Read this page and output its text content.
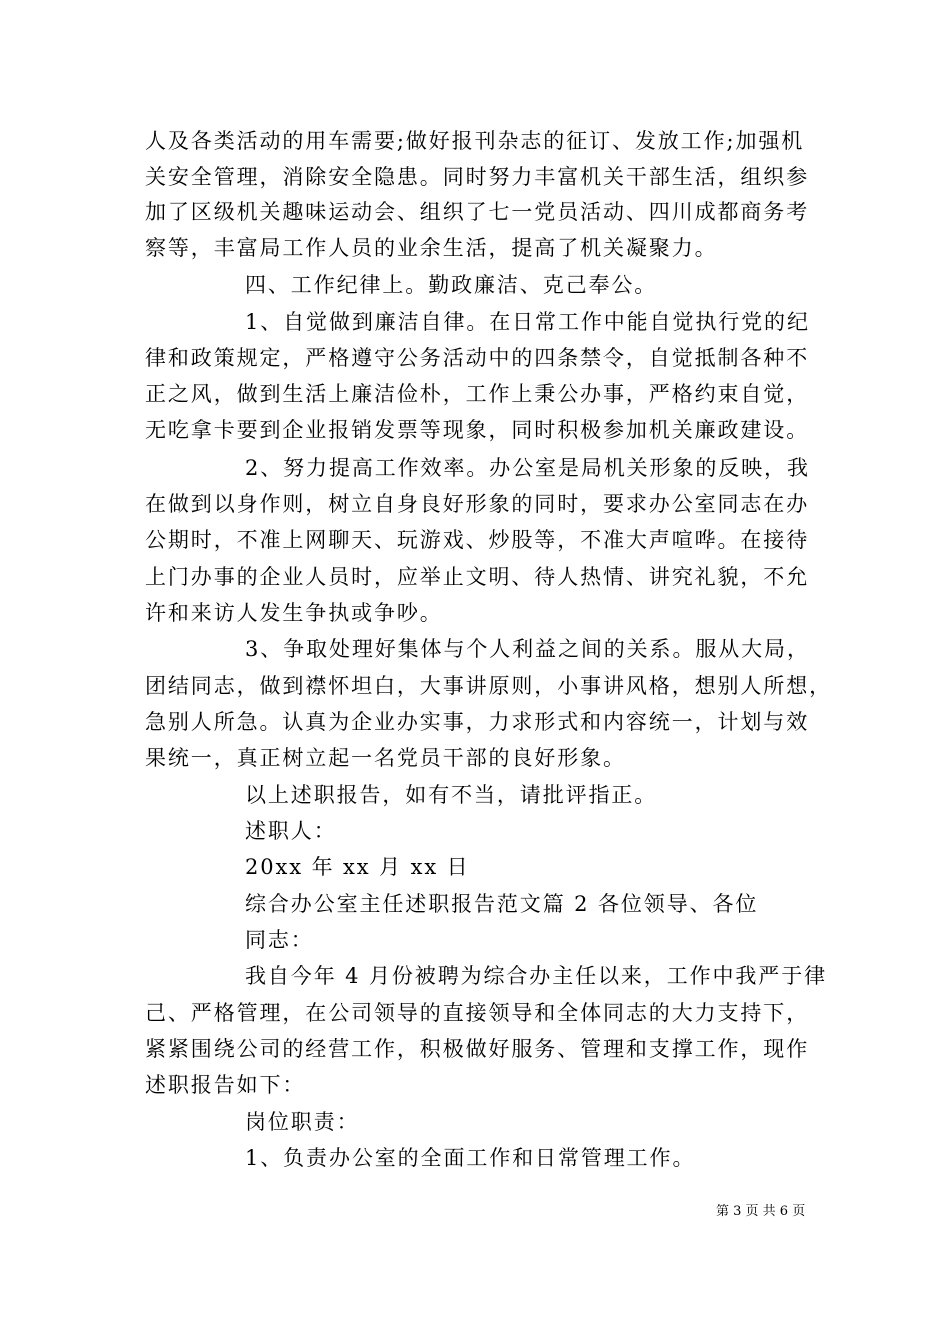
人及各类活动的用车需要;做好报刊杂志的征订、发放工作;加强机
关安全管理，消除安全隐患。同时努力丰富机关干部生活，组织参
加了区级机关趣味运动会、组织了七一党员活动、四川成都商务考
察等，丰富局工作人员的业余生活，提高了机关凝聚力。
四、工作纪律上。勤政廉洁、克己奉公。
1、自觉做到廉洁自律。在日常工作中能自觉执行党的纪
律和政策规定，严格遵守公务活动中的四条禁令，自觉抵制各种不
正之风，做到生活上廉洁俭朴，工作上秉公办事，严格约束自觉，
无吃拿卡要到企业报销发票等现象，同时积极参加机关廉政建设。
2、努力提高工作效率。办公室是局机关形象的反映，我
在做到以身作则，树立自身良好形象的同时，要求办公室同志在办
公期时，不准上网聊天、玩游戏、炒股等，不准大声喧哗。在接待
上门办事的企业人员时，应举止文明、待人热情、讲究礼貌，不允
许和来访人发生争执或争吵。
3、争取处理好集体与个人利益之间的关系。服从大局，
团结同志，做到襟怀坦白，大事讲原则，小事讲风格，想别人所想，
急别人所急。认真为企业办实事，力求形式和内容统一，计划与效
果统一，真正树立起一名党员干部的良好形象。
以上述职报告，如有不当，请批评指正。
述职人：
20xx 年 xx 月 xx 日
综合办公室主任述职报告范文篇 2 各位领导、各位
同志：
我自今年 4 月份被聘为综合办主任以来，工作中我严于律
己、严格管理，在公司领导的直接领导和全体同志的大力支持下，
紧紧围绕公司的经营工作，积极做好服务、管理和支撑工作，现作
述职报告如下：
岗位职责：
1、负责办公室的全面工作和日常管理工作。
第 3 页 共 6 页
